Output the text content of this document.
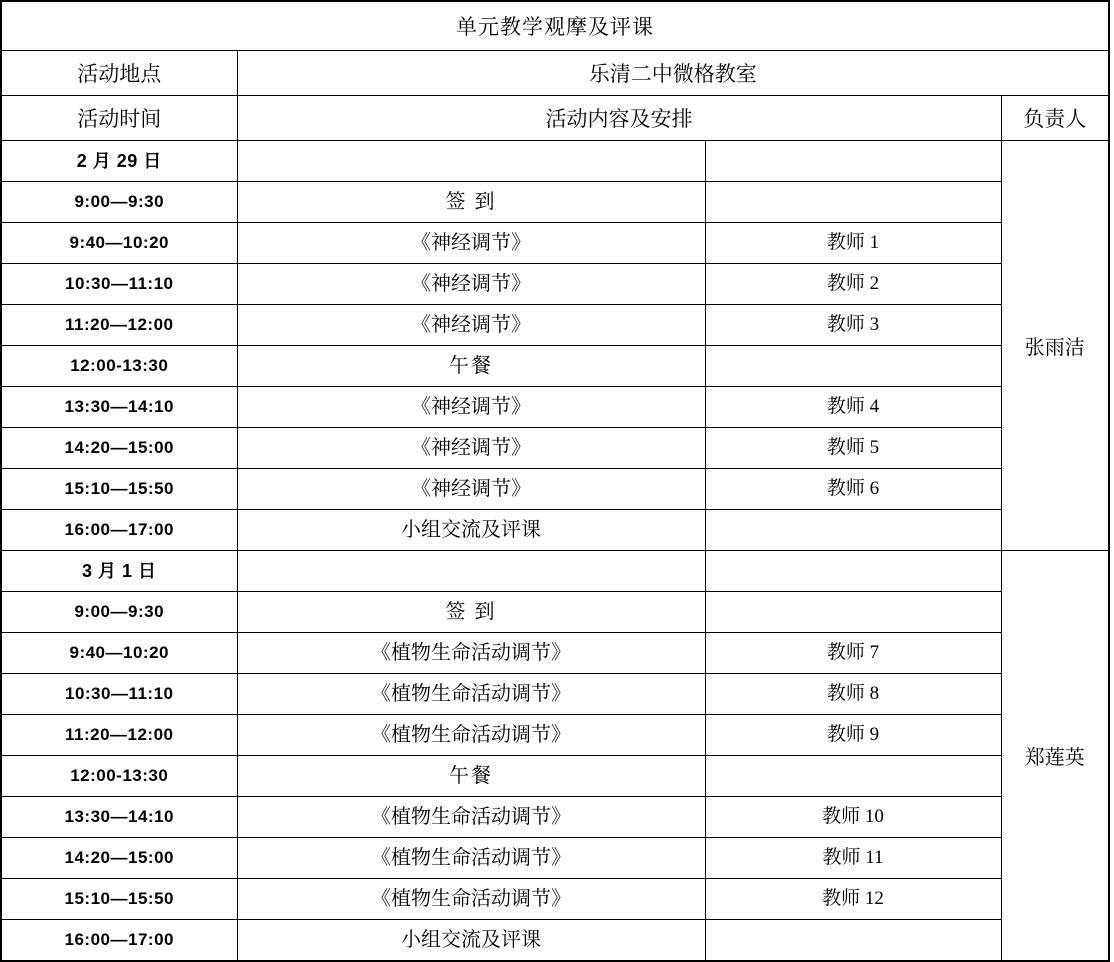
单元教学观摩及评课			
活动地点	乐清二中微格教室		
活动时间	活动内容及安排		负责人
2 月 29 日			张雨洁
9:00—9:30	签 到		
9:40—10:20	《神经调节》	教师 1	
10:30—11:10	《神经调节》	教师 2	
11:20—12:00	《神经调节》	教师 3	
12:00-13:30	午餐		
13:30—14:10	《神经调节》	教师 4	
14:20—15:00	《神经调节》	教师 5	
15:10—15:50	《神经调节》	教师 6	
16:00—17:00	小组交流及评课		
3 月 1 日			郑莲英
9:00—9:30	签 到		
9:40—10:20	《植物生命活动调节》	教师 7	
10:30—11:10	《植物生命活动调节》	教师 8	
11:20—12:00	《植物生命活动调节》	教师 9	
12:00-13:30	午餐		
13:30—14:10	《植物生命活动调节》	教师 10	
14:20—15:00	《植物生命活动调节》	教师 11	
15:10—15:50	《植物生命活动调节》	教师 12	
16:00—17:00	小组交流及评课		
